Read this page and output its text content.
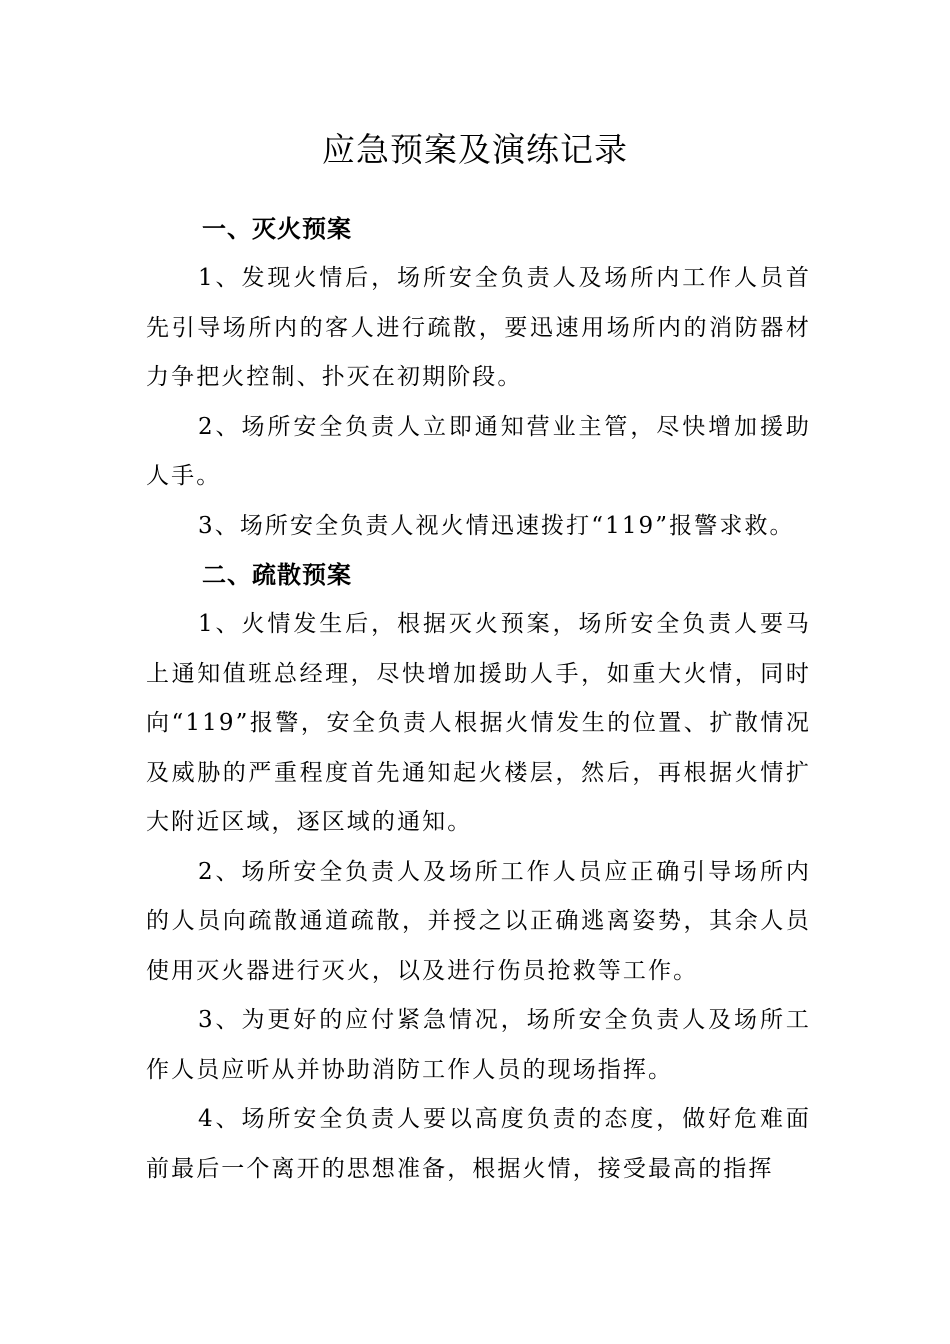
应急预案及演练记录
一、灭火预案

1、发现火情后，场所安全负责人及场所内工作人员首先引导场所内的客人进行疏散，要迅速用场所内的消防器材力争把火控制、扑灭在初期阶段。

2、场所安全负责人立即通知营业主管，尽快增加援助人手。

3、场所安全负责人视火情迅速拨打“119”报警求救。

二、疏散预案

1、火情发生后，根据灭火预案，场所安全负责人要马上通知值班总经理，尽快增加援助人手，如重大火情，同时向“119”报警，安全负责人根据火情发生的位置、扩散情况及威胁的严重程度首先通知起火楼层，然后，再根据火情扩大附近区域，逐区域的通知。

2、场所安全负责人及场所工作人员应正确引导场所内的人员向疏散通道疏散，并授之以正确逃离姿势，其余人员使用灭火器进行灭火，以及进行伤员抢救等工作。

3、为更好的应付紧急情况，场所安全负责人及场所工作人员应听从并协助消防工作人员的现场指挥。

4、场所安全负责人要以高度负责的态度，做好危难面前最后一个离开的思想准备，根据火情，接受最高的指挥
